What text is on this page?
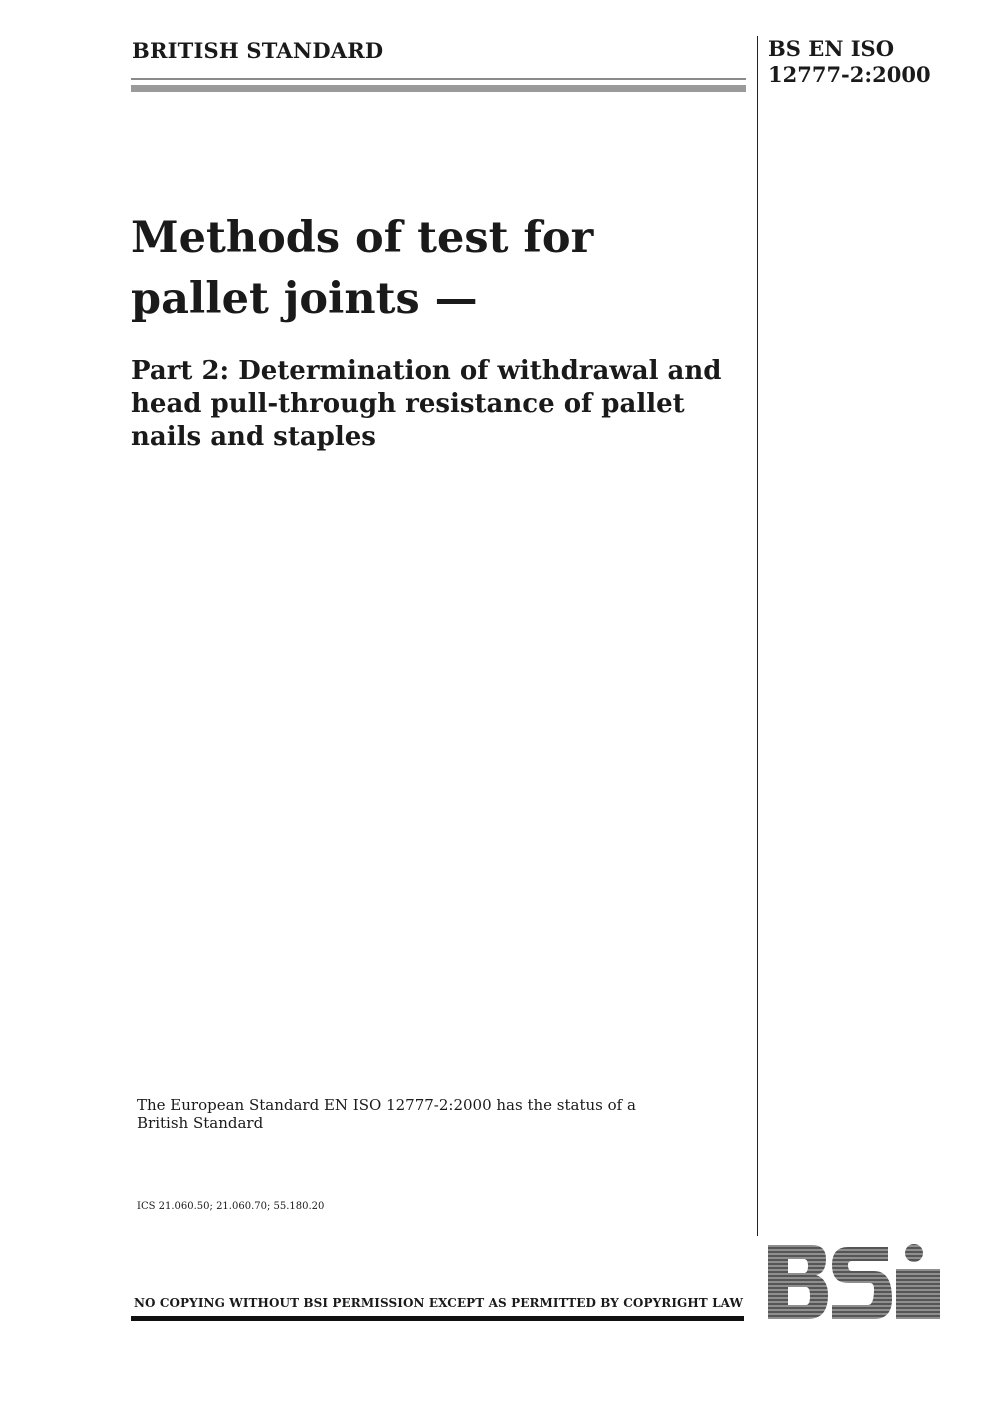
BRITISH STANDARD	BS EN ISO
12777-2:2000
Methods of test for
pallet joints —
Part 2: Determination of withdrawal and
head pull-through resistance of pallet
nails and staples
The European Standard EN ISO 12777-2:2000 has the status of a
British Standard
ICS 21.060.50; 21.060.70; 55.180.20
NO COPYING WITHOUT BSI PERMISSION EXCEPT AS PERMITTED BY COPYRIGHT LAW
